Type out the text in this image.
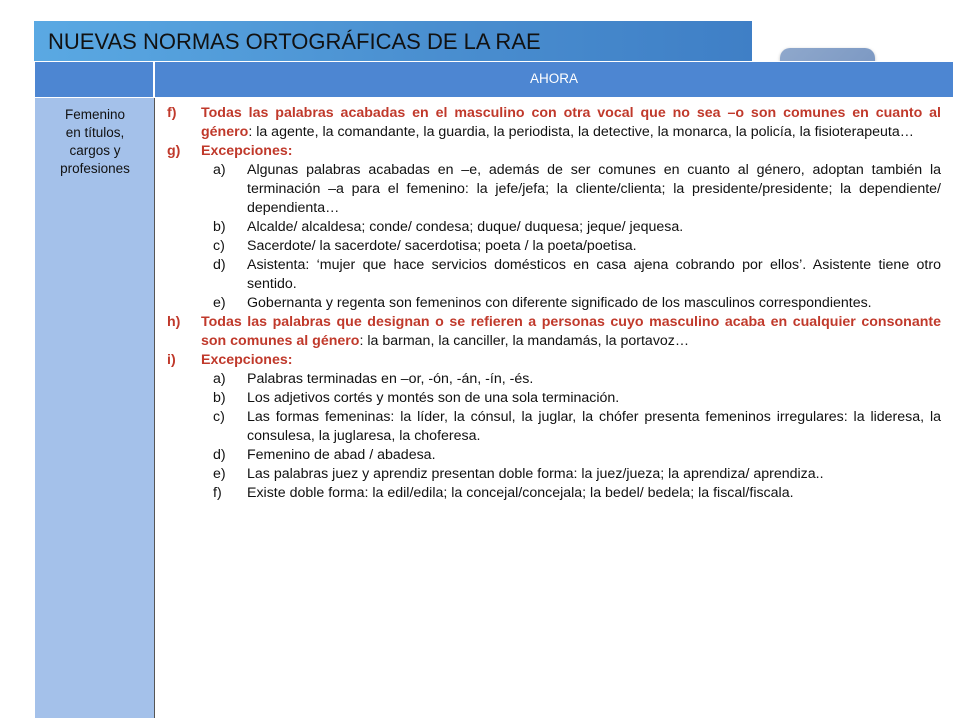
NUEVAS NORMAS ORTOGRÁFICAS DE LA RAE
AHORA
Femenino
en títulos,
cargos y
profesiones
f) Todas las palabras acabadas en el masculino con otra vocal que no sea –o son comunes en cuanto al género: la agente, la comandante, la guardia, la periodista, la detective, la monarca, la policía, la fisioterapeuta…
g) Excepciones:
a) Algunas palabras acabadas en –e, además de ser comunes en cuanto al género, adoptan también la terminación –a para el femenino: la jefe/jefa; la cliente/clienta; la presidente/presidente; la dependiente/ dependienta…
b) Alcalde/ alcaldesa; conde/ condesa; duque/ duquesa; jeque/ jequesa.
c) Sacerdote/ la sacerdote/ sacerdotisa; poeta / la poeta/poetisa.
d) Asistenta: ‘mujer que hace servicios domésticos en casa ajena cobrando por ellos’. Asistente tiene otro sentido.
e) Gobernanta y regenta son femeninos con diferente significado de los masculinos correspondientes.
h) Todas las palabras que designan o se refieren a personas cuyo masculino acaba en cualquier consonante son comunes al género: la barman, la canciller, la mandamás, la portavoz…
i) Excepciones:
a) Palabras terminadas en –or, -ón, -án, -ín, -és.
b) Los adjetivos cortés y montés son de una sola terminación.
c) Las formas femeninas: la líder, la cónsul, la juglar, la chófer presenta femeninos irregulares: la lideresa, la consulesa, la juglaresa, la choferesa.
d) Femenino de abad / abadesa.
e) Las palabras juez y aprendiz presentan doble forma: la juez/jueza; la aprendiza/ aprendiza..
f) Existe doble forma: la edil/edila; la concejal/concejala; la bedel/ bedela; la fiscal/fiscala.
